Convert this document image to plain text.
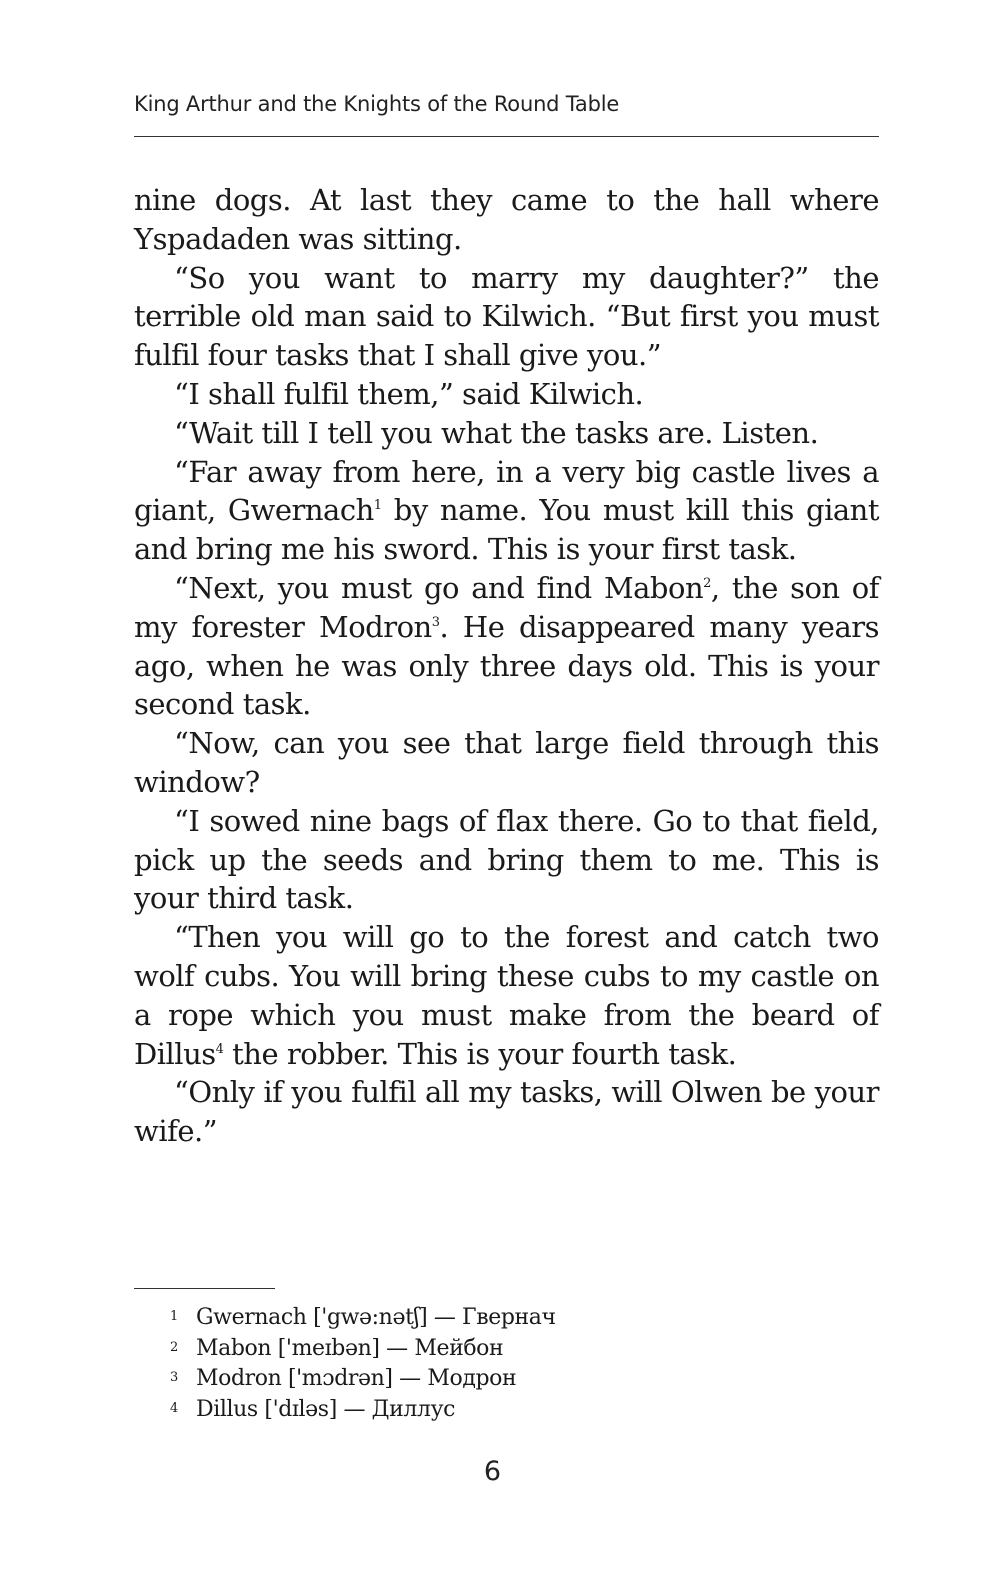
King Arthur and the Knights of the Round Table

nine dogs. At last they came to the hall where Yspadaden was sitting.

“So you want to marry my daughter?” the terrible old man said to Kilwich. “But first you must fulfil four tasks that I shall give you.”

“I shall fulfil them,” said Kilwich.

“Wait till I tell you what the tasks are. Listen.

“Far away from here, in a very big castle lives a giant, Gwernach$^1$ by name. You must kill this giant and bring me his sword. This is your first task.

“Next, you must go and find Mabon$^2$, the son of my forester Modron$^3$. He disappeared many years ago, when he was only three days old. This is your second task.

“Now, can you see that large field through this window?

“I sowed nine bags of flax there. Go to that field, pick up the seeds and bring them to me. This is your third task.

“Then you will go to the forest and catch two wolf cubs. You will bring these cubs to my castle on a rope which you must make from the beard of Dillus$^4$ the robber. This is your fourth task.

“Only if you fulfil all my tasks, will Olwen be your wife.”

1 Gwernach ['gwə:nətʃ] — Гвернач
2 Mabon ['meɪbən] — Мейбон
3 Modron ['mɔdrən] — Модрон
4 Dillus ['dɪləs] — Диллус
6
